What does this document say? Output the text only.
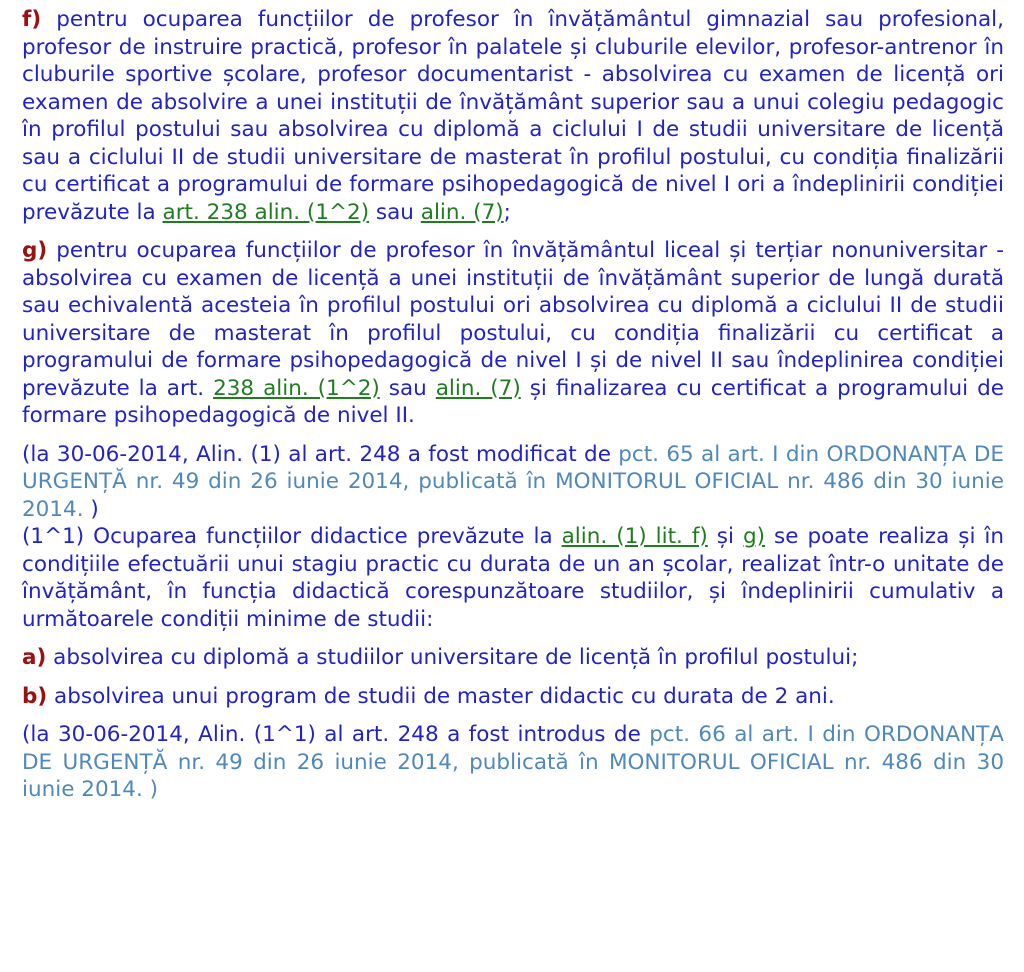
f) pentru ocuparea funcțiilor de profesor în învățământul gimnazial sau profesional, profesor de instruire practică, profesor în palatele și cluburile elevilor, profesor-antrenor în cluburile sportive școlare, profesor documentarist - absolvirea cu examen de licență ori examen de absolvire a unei instituții de învățământ superior sau a unui colegiu pedagogic în profilul postului sau absolvirea cu diplomă a ciclului I de studii universitare de licență sau a ciclului II de studii universitare de masterat în profilul postului, cu condiția finalizării cu certificat a programului de formare psihopedagogică de nivel I ori a îndeplinirii condiției prevăzute la art. 238 alin. (1^2) sau alin. (7);

g) pentru ocuparea funcțiilor de profesor în învățământul liceal și terțiar nonuniversitar - absolvirea cu examen de licență a unei instituții de învățământ superior de lungă durată sau echivalentă acesteia în profilul postului ori absolvirea cu diplomă a ciclului II de studii universitare de masterat în profilul postului, cu condiția finalizării cu certificat a programului de formare psihopedagogică de nivel I și de nivel II sau îndeplinirea condiției prevăzute la art. 238 alin. (1^2) sau alin. (7) și finalizarea cu certificat a programului de formare psihopedagogică de nivel II.

(la 30-06-2014, Alin. (1) al art. 248 a fost modificat de pct. 65 al art. I din ORDONANȚA DE URGENȚĂ nr. 49 din 26 iunie 2014, publicată în MONITORUL OFICIAL nr. 486 din 30 iunie 2014. )

(1^1) Ocuparea funcțiilor didactice prevăzute la alin. (1) lit. f) și g) se poate realiza și în condițiile efectuării unui stagiu practic cu durata de un an școlar, realizat într-o unitate de învățământ, în funcția didactică corespunzătoare studiilor, și îndeplinirii cumulativ a următoarele condiții minime de studii:

a) absolvirea cu diplomă a studiilor universitare de licență în profilul postului;

b) absolvirea unui program de studii de master didactic cu durata de 2 ani.

(la 30-06-2014, Alin. (1^1) al art. 248 a fost introdus de pct. 66 al art. I din ORDONANȚA DE URGENȚĂ nr. 49 din 26 iunie 2014, publicată în MONITORUL OFICIAL nr. 486 din 30 iunie 2014. )
